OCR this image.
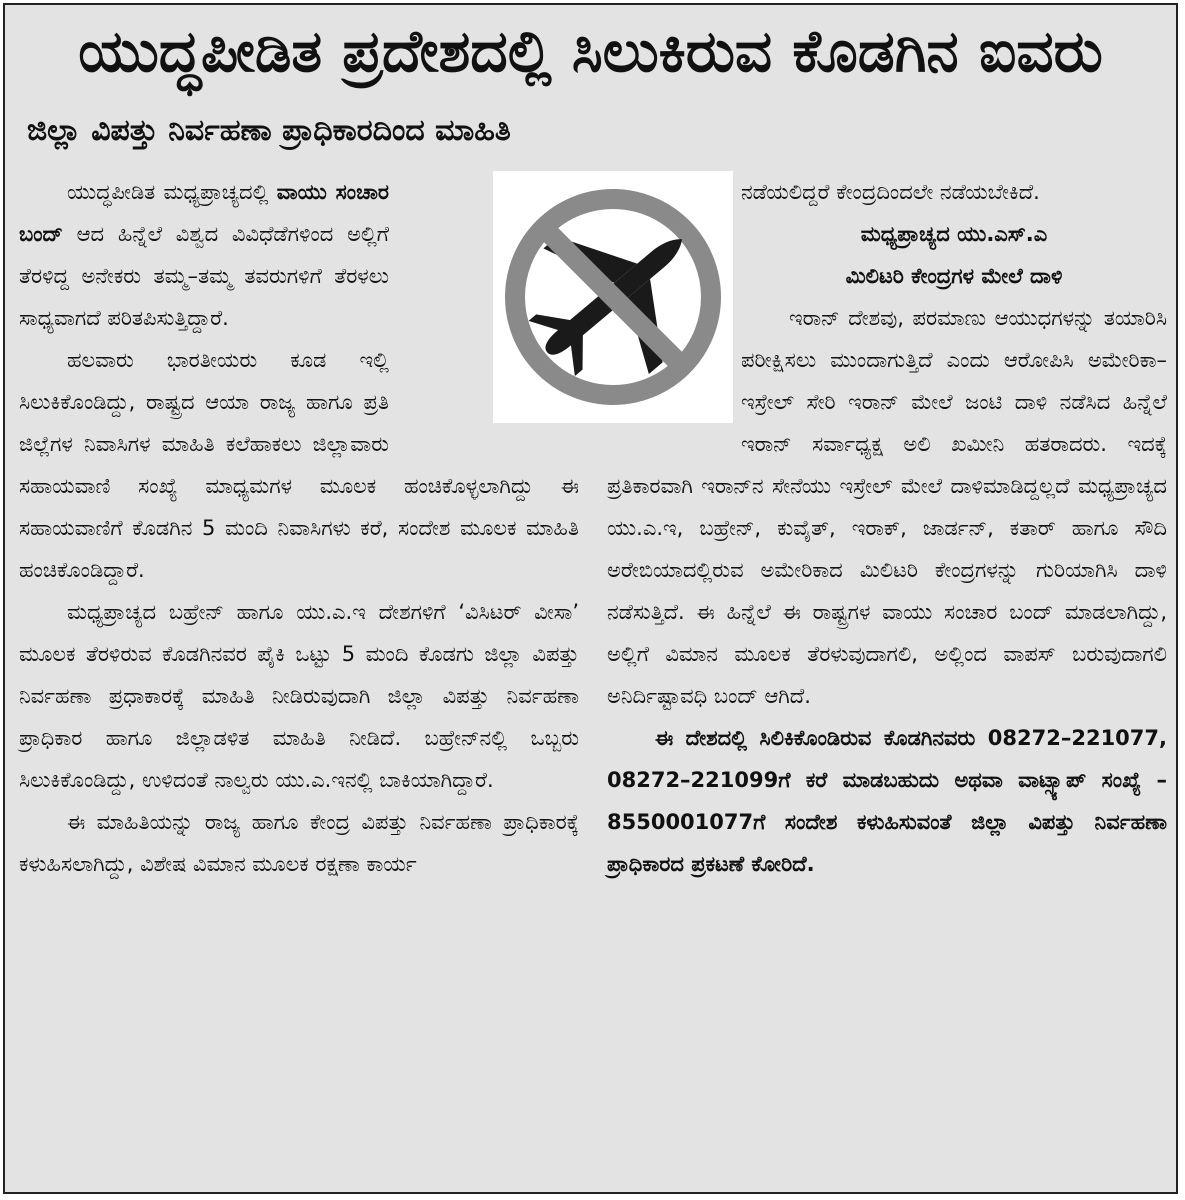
ಯುದ್ಧಪೀಡಿತ ಪ್ರದೇಶದಲ್ಲಿ ಸಿಲುಕಿರುವ ಕೊಡಗಿನ ಐವರು
ಜಿಲ್ಲಾ ವಿಪತ್ತು ನಿರ್ವಹಣಾ ಪ್ರಾಧಿಕಾರದಿಂದ ಮಾಹಿತಿ

ಯುದ್ಧಪೀಡಿತ ಮಧ್ಯಪ್ರಾಚ್ಯದಲ್ಲಿ ವಾಯು ಸಂಚಾರ ಬಂದ್ ಆದ ಹಿನ್ನೆಲೆ ವಿಶ್ವದ ವಿವಿಧೆಡೆಗಳಿಂದ ಅಲ್ಲಿಗೆ ತೆರಳಿದ್ದ ಅನೇಕರು ತಮ್ಮ–ತಮ್ಮ ತವರುಗಳಿಗೆ ತೆರಳಲು ಸಾಧ್ಯವಾಗದೆ ಪರಿತಪಿಸುತ್ತಿದ್ದಾರೆ.

ಹಲವಾರು ಭಾರತೀಯರು ಕೂಡ ಇಲ್ಲಿ ಸಿಲುಕಿಕೊಂಡಿದ್ದು, ರಾಷ್ಟ್ರದ ಆಯಾ ರಾಜ್ಯ ಹಾಗೂ ಪ್ರತಿ ಜಿಲ್ಲೆಗಳ ನಿವಾಸಿಗಳ ಮಾಹಿತಿ ಕಲೆಹಾಕಲು ಜಿಲ್ಲಾವಾರು ಸಹಾಯವಾಣಿ ಸಂಖ್ಯೆ ಮಾಧ್ಯಮಗಳ ಮೂಲಕ ಹಂಚಿಕೊಳ್ಳಲಾಗಿದ್ದು ಈ ಸಹಾಯವಾಣಿಗೆ ಕೊಡಗಿನ 5 ಮಂದಿ ನಿವಾಸಿಗಳು ಕರೆ, ಸಂದೇಶ ಮೂಲಕ ಮಾಹಿತಿ ಹಂಚಿಕೊಂಡಿದ್ದಾರೆ.

ಮಧ್ಯಪ್ರಾಚ್ಯದ ಬಹ್ರೇನ್ ಹಾಗೂ ಯು.ಎ.ಇ ದೇಶಗಳಿಗೆ ‘ವಿಸಿಟರ್ ವೀಸಾ’ ಮೂಲಕ ತೆರಳಿರುವ ಕೊಡಗಿನವರ ಪೈಕಿ ಒಟ್ಟು 5 ಮಂದಿ ಕೊಡಗು ಜಿಲ್ಲಾ ವಿಪತ್ತು ನಿರ್ವಹಣಾ ಪ್ರಧಾಕಾರಕ್ಕೆ ಮಾಹಿತಿ ನೀಡಿರುವುದಾಗಿ ಜಿಲ್ಲಾ ವಿಪತ್ತು ನಿರ್ವಹಣಾ ಪ್ರಾಧಿಕಾರ ಹಾಗೂ ಜಿಲ್ಲಾಡಳಿತ ಮಾಹಿತಿ ನೀಡಿದೆ. ಬಹ್ರೇನ್‌ನಲ್ಲಿ ಒಬ್ಬರು ಸಿಲುಕಿಕೊಂಡಿದ್ದು, ಉಳಿದಂತೆ ನಾಲ್ವರು ಯು.ಎ.ಇನಲ್ಲಿ ಬಾಕಿಯಾಗಿದ್ದಾರೆ.

ಈ ಮಾಹಿತಿಯನ್ನು ರಾಜ್ಯ ಹಾಗೂ ಕೇಂದ್ರ ವಿಪತ್ತು ನಿರ್ವಹಣಾ ಪ್ರಾಧಿಕಾರಕ್ಕೆ ಕಳುಹಿಸಲಾಗಿದ್ದು, ವಿಶೇಷ ವಿಮಾನ ಮೂಲಕ ರಕ್ಷಣಾ ಕಾರ್ಯ

ನಡೆಯಲಿದ್ದರೆ ಕೇಂದ್ರದಿಂದಲೇ ನಡೆಯಬೇಕಿದೆ.

ಮಧ್ಯಪ್ರಾಚ್ಯದ ಯು.ಎಸ್.ಎ

ಮಿಲಿಟರಿ ಕೇಂದ್ರಗಳ ಮೇಲೆ ದಾಳಿ

ಇರಾನ್ ದೇಶವು, ಪರಮಾಣು ಆಯುಧಗಳನ್ನು ತಯಾರಿಸಿ ಪರೀಕ್ಷಿಸಲು ಮುಂದಾಗುತ್ತಿದೆ ಎಂದು ಆರೋಪಿಸಿ ಅಮೇರಿಕಾ–ಇಸ್ರೇಲ್ ಸೇರಿ ಇರಾನ್ ಮೇಲೆ ಜಂಟಿ ದಾಳಿ ನಡೆಸಿದ ಹಿನ್ನೆಲೆ ಇರಾನ್ ಸರ್ವಾಧ್ಯಕ್ಷ ಅಲಿ ಖಮೀನಿ ಹತರಾದರು. ಇದಕ್ಕೆ ಪ್ರತಿಕಾರವಾಗಿ ಇರಾನ್‌ನ ಸೇನೆಯು ಇಸ್ರೇಲ್ ಮೇಲೆ ದಾಳಿಮಾಡಿದ್ದಲ್ಲದೆ ಮಧ್ಯಪ್ರಾಚ್ಯದ ಯು.ಎ.ಇ, ಬಹ್ರೇನ್, ಕುವೈತ್, ಇರಾಕ್, ಜಾರ್ಡನ್, ಕತಾರ್ ಹಾಗೂ ಸೌದಿ ಅರೇಬಿಯಾದಲ್ಲಿರುವ ಅಮೇರಿಕಾದ ಮಿಲಿಟರಿ ಕೇಂದ್ರಗಳನ್ನು ಗುರಿಯಾಗಿಸಿ ದಾಳಿ ನಡೆಸುತ್ತಿದೆ. ಈ ಹಿನ್ನೆಲೆ ಈ ರಾಷ್ಟ್ರಗಳ ವಾಯು ಸಂಚಾರ ಬಂದ್ ಮಾಡಲಾಗಿದ್ದು, ಅಲ್ಲಿಗೆ ವಿಮಾನ ಮೂಲಕ ತೆರಳುವುದಾಗಲಿ, ಅಲ್ಲಿಂದ ವಾಪಸ್ ಬರುವುದಾಗಲಿ ಅನಿರ್ದಿಷ್ಟಾವಧಿ ಬಂದ್ ಆಗಿದೆ.

ಈ ದೇಶದಲ್ಲಿ ಸಿಲಿಕಿಕೊಂಡಿರುವ ಕೊಡಗಿನವರು 08272–221077, 08272–221099ಗೆ ಕರೆ ಮಾಡಬಹುದು ಅಥವಾ ವಾಟ್ಸ್ಯಾಪ್ ಸಂಖ್ಯೆ – 8550001077ಗೆ ಸಂದೇಶ ಕಳುಹಿಸುವಂತೆ ಜಿಲ್ಲಾ ವಿಪತ್ತು ನಿರ್ವಹಣಾ ಪ್ರಾಧಿಕಾರದ ಪ್ರಕಟಣೆ ಕೋರಿದೆ.
